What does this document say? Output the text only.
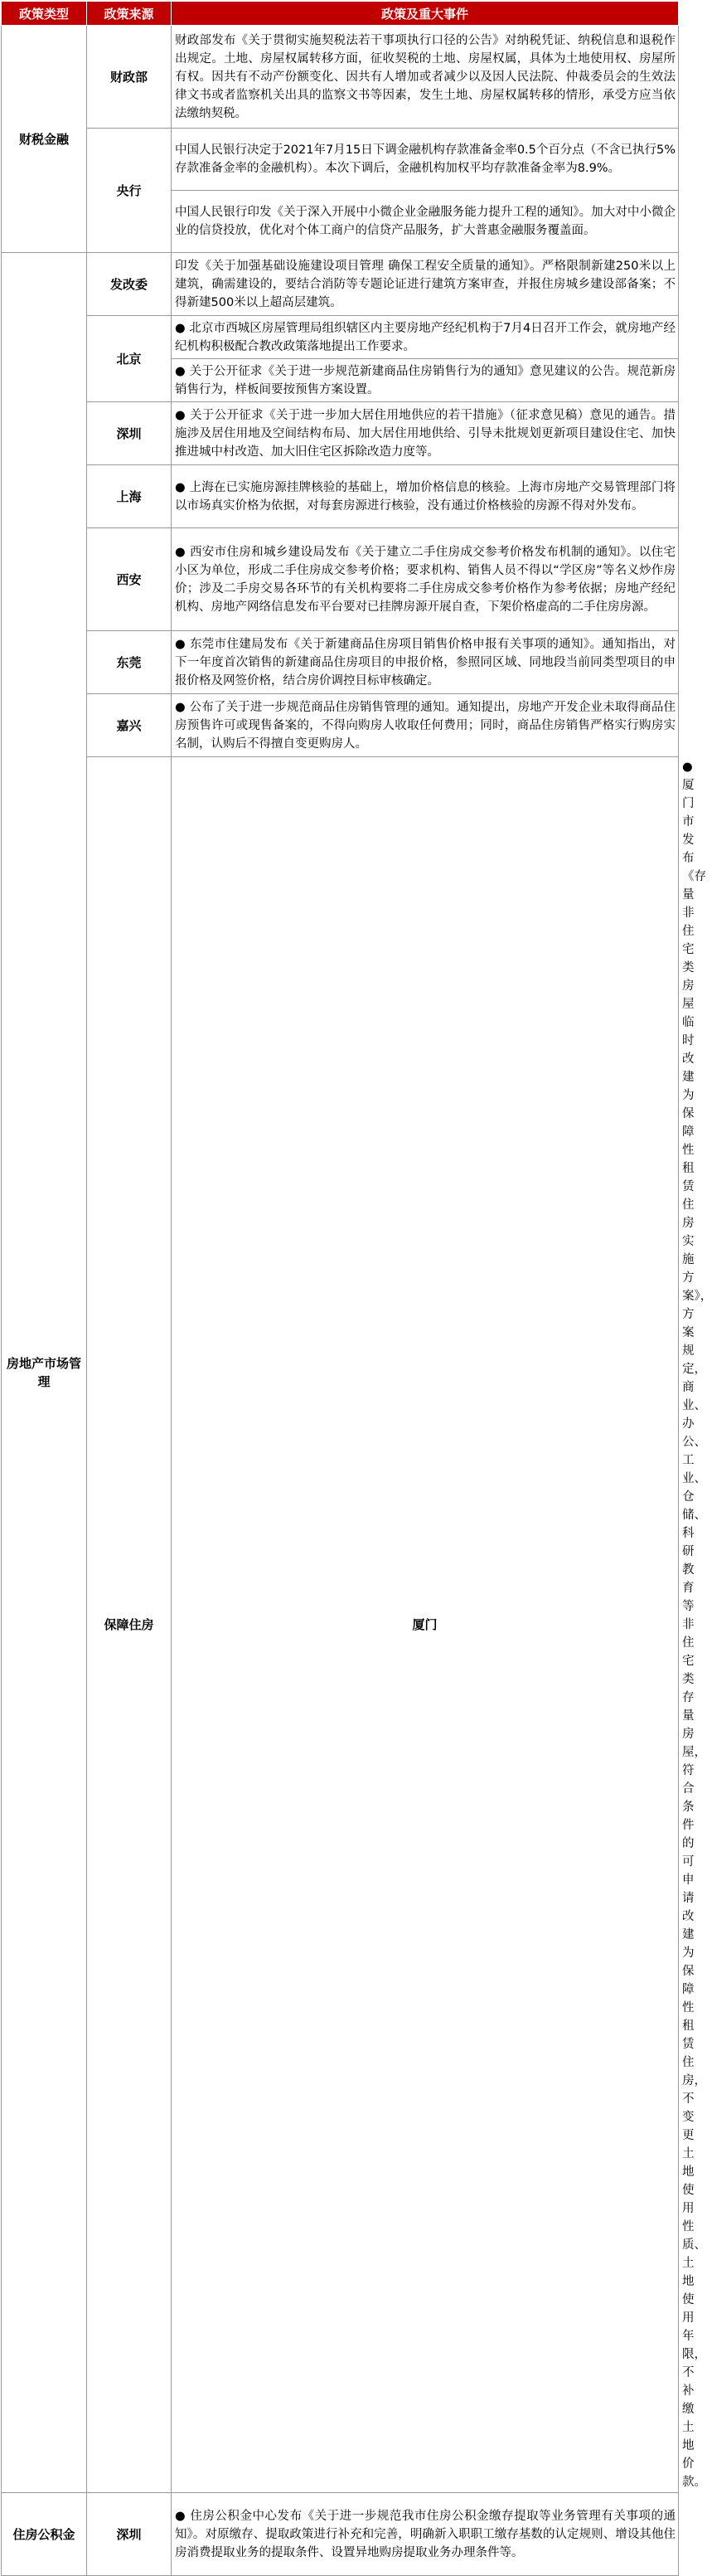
政策类型	政策来源	政策及重大事件	
财税金融	财政部	财政部发布《关于贯彻实施契税法若干事项执行口径的公告》对纳税凭证、纳税信息和退税作出规定。土地、房屋权属转移方面，征收契税的土地、房屋权属，具体为土地使用权、房屋所有权。因共有不动产份额变化、因共有人增加或者减少以及因人民法院、仲裁委员会的生效法律文书或者监察机关出具的监察文书等因素，发生土地、房屋权属转移的情形，承受方应当依法缴纳契税。	
	央行	中国人民银行决定于2021年7月15日下调金融机构存款准备金率0.5个百分点（不含已执行5%存款准备金率的金融机构）。本次下调后，金融机构加权平均存款准备金率为8.9%。	
		中国人民银行印发《关于深入开展中小微企业金融服务能力提升工程的通知》。加大对中小微企业的信贷投放，优化对个体工商户的信贷产品服务，扩大普惠金融服务覆盖面。	
房地产市场管理	发改委	印发《关于加强基础设施建设项目管理 确保工程安全质量的通知》。严格限制新建250米以上建筑，确需建设的，要结合消防等专题论证进行建筑方案审查，并报住房城乡建设部备案；不得新建500米以上超高层建筑。	
	北京	● 北京市西城区房屋管理局组织辖区内主要房地产经纪机构于7月4日召开工作会，就房地产经纪机构积极配合教改政策落地提出工作要求。	
		● 关于公开征求《关于进一步规范新建商品住房销售行为的通知》意见建议的公告。规范新房销售行为，样板间要按预售方案设置。	
	深圳	● 关于公开征求《关于进一步加大居住用地供应的若干措施》（征求意见稿）意见的通告。措施涉及居住用地及空间结构布局、加大居住用地供给、引导未批规划更新项目建设住宅、加快推进城中村改造、加大旧住宅区拆除改造力度等。	
	上海	● 上海在已实施房源挂牌核验的基础上，增加价格信息的核验。上海市房地产交易管理部门将以市场真实价格为依据，对每套房源进行核验，没有通过价格核验的房源不得对外发布。	
	西安	● 西安市住房和城乡建设局发布《关于建立二手住房成交参考价格发布机制的通知》。以住宅小区为单位，形成二手住房成交参考价格；要求机构、销售人员不得以“学区房”等名义炒作房价；涉及二手房交易各环节的有关机构要将二手住房成交参考价格作为参考依据；房地产经纪机构、房地产网络信息发布平台要对已挂牌房源开展自查，下架价格虚高的二手住房房源。	
	东莞	● 东莞市住建局发布《关于新建商品住房项目销售价格申报有关事项的通知》。通知指出，对下一年度首次销售的新建商品住房项目的申报价格，参照同区域、同地段当前同类型项目的申报价格及网签价格，结合房价调控目标审核确定。	
	嘉兴	● 公布了关于进一步规范商品住房销售管理的通知。通知提出，房地产开发企业未取得商品住房预售许可或现售备案的，不得向购房人收取任何费用；同时，商品住房销售严格实行购房实名制，认购后不得擅自变更购房人。	
	保障住房	厦门	● 厦门市发布《存量非住宅类房屋临时改建为保障性租赁住房实施方案》，方案规定，商业、办公、工业、仓储、科研教育等非住宅类存量房屋，符合条件的可申请改建为保障性租赁住房，不变更土地使用性质、土地使用年限，不补缴土地价款。
住房公积金	深圳	● 住房公积金中心发布《关于进一步规范我市住房公积金缴存提取等业务管理有关事项的通知》。对原缴存、提取政策进行补充和完善，明确新入职职工缴存基数的认定规则、增设其他住房消费提取业务的提取条件、设置异地购房提取业务办理条件等。	
